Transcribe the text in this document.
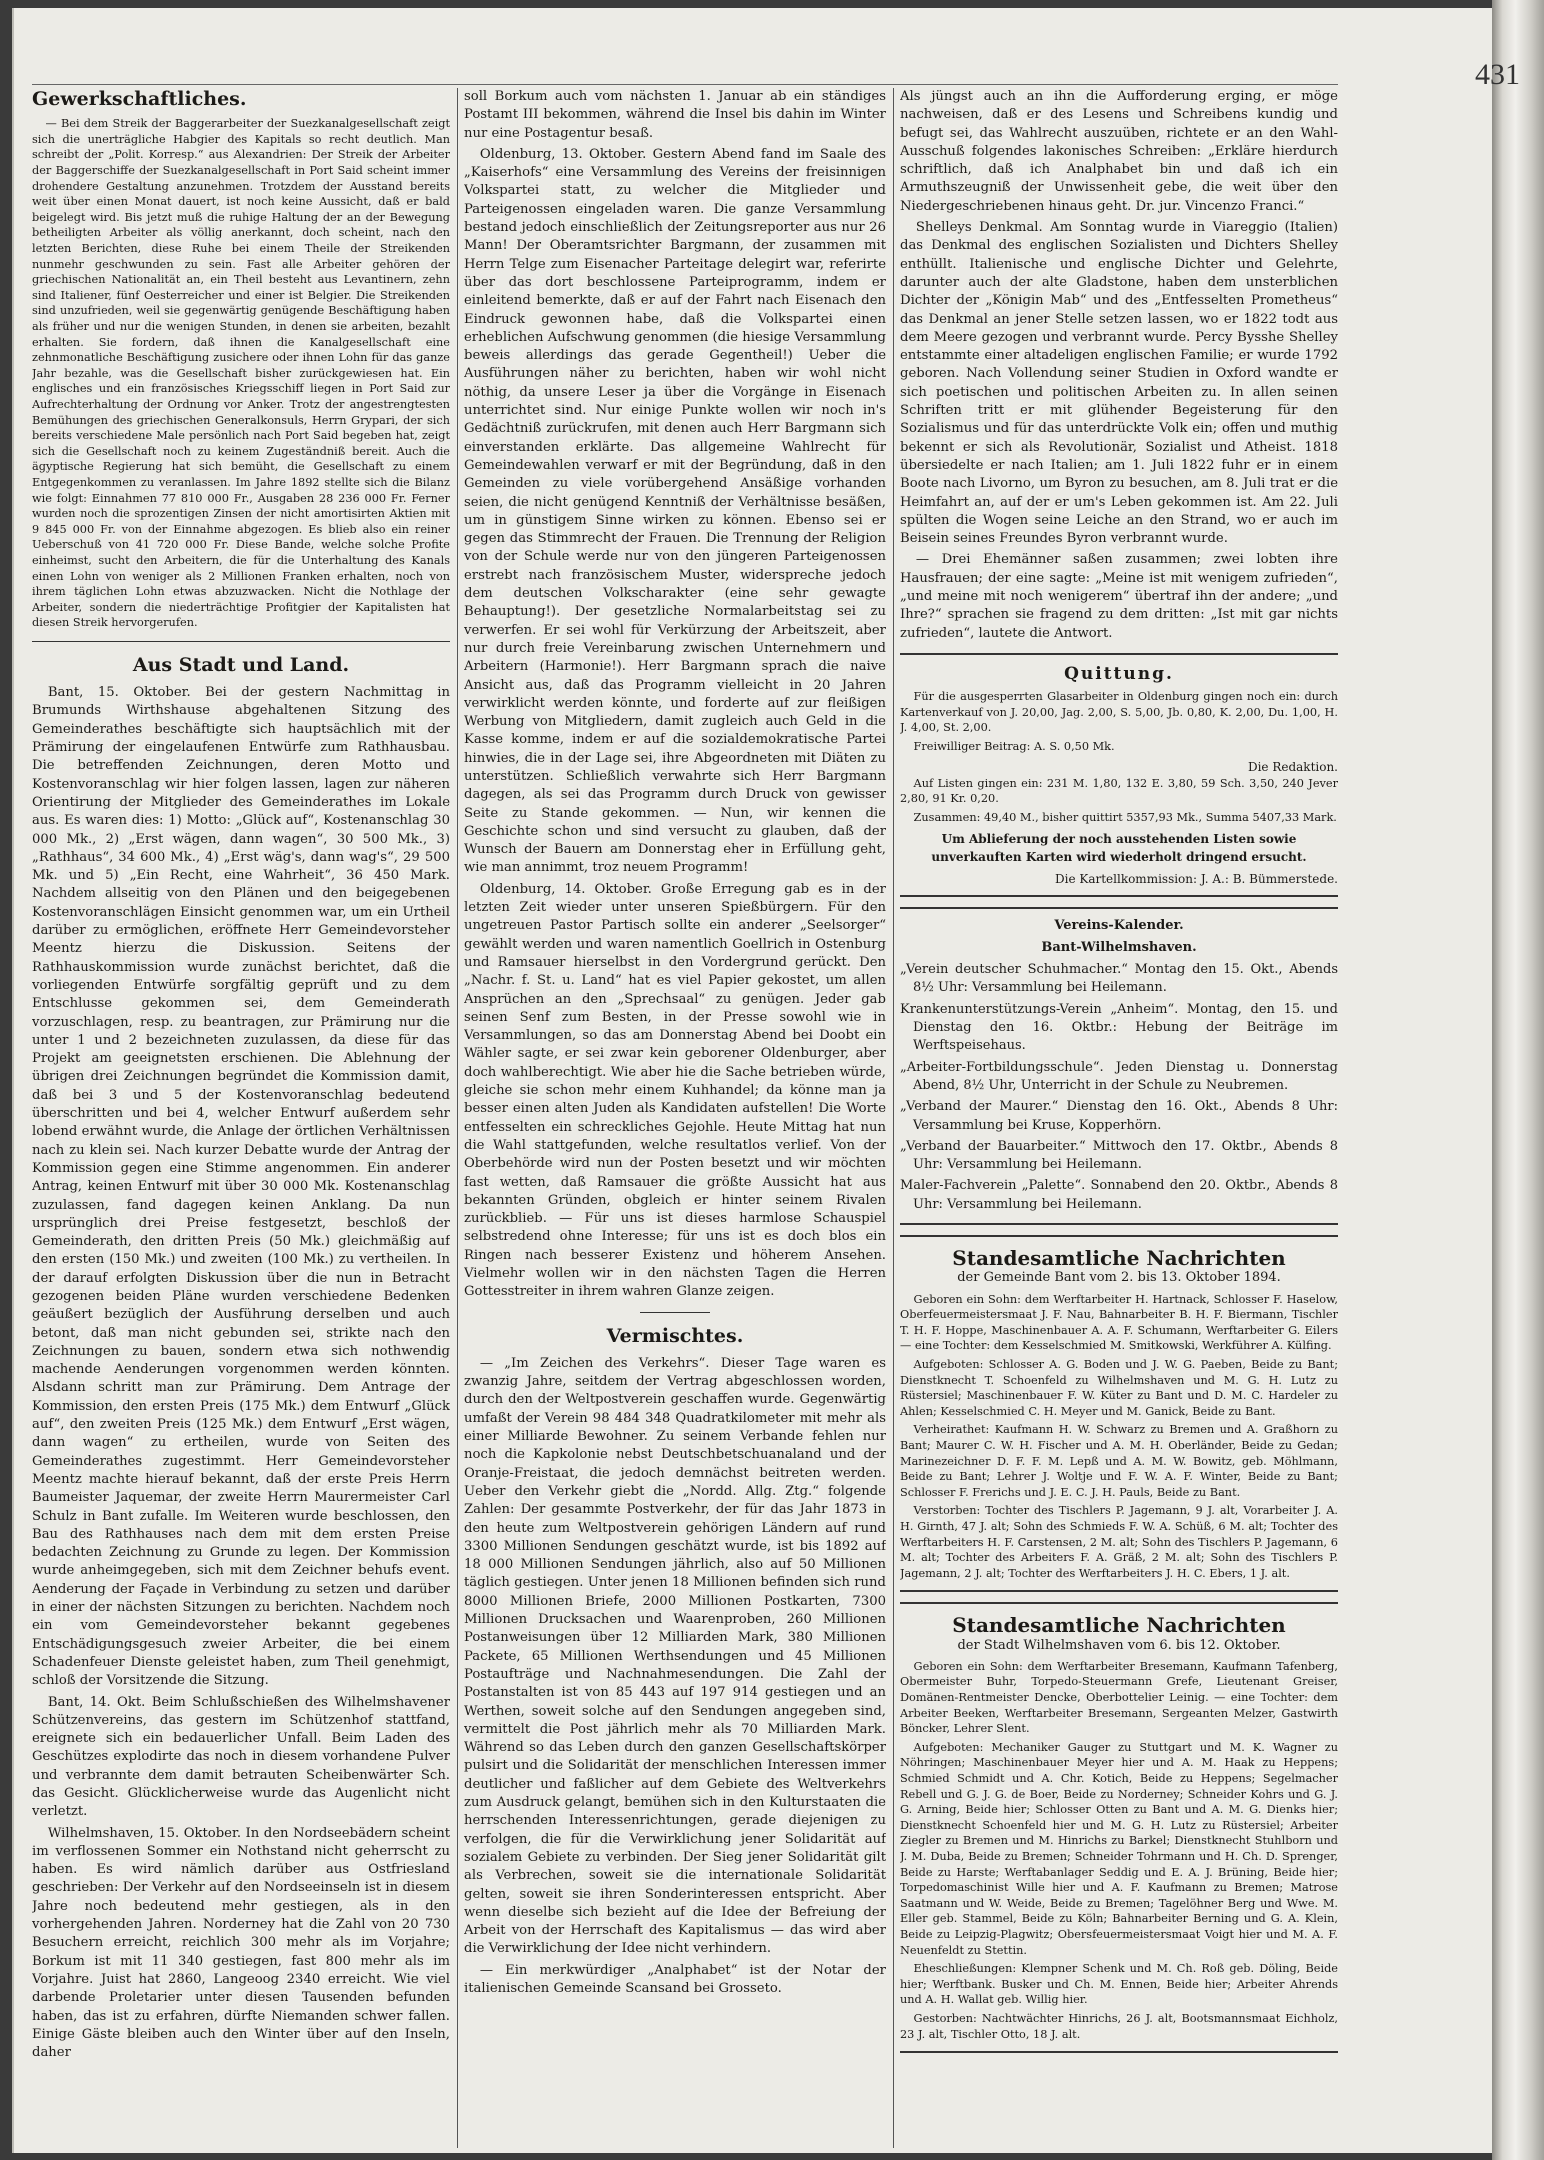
Gewerkschaftliches.

— Bei dem Streik der Baggerarbeiter der Suezkanalgesellschaft zeigt sich die unerträgliche Habgier des Kapitals so recht deutlich. Man schreibt der „Polit. Korresp.“ aus Alexandrien: Der Streik der Arbeiter der Baggerschiffe der Suezkanalgesellschaft in Port Said scheint immer drohendere Gestaltung anzunehmen. Trotzdem der Ausstand bereits weit über einen Monat dauert, ist noch keine Aussicht, daß er bald beigelegt wird. Bis jetzt muß die ruhige Haltung der an der Bewegung betheiligten Arbeiter als völlig anerkannt, doch scheint, nach den letzten Berichten, diese Ruhe bei einem Theile der Streikenden nunmehr geschwunden zu sein. Fast alle Arbeiter gehören der griechischen Nationalität an, ein Theil besteht aus Levantinern, zehn sind Italiener, fünf Oesterreicher und einer ist Belgier. Die Streikenden sind unzufrieden, weil sie gegenwärtig genügende Beschäftigung haben als früher und nur die wenigen Stunden, in denen sie arbeiten, bezahlt erhalten. Sie fordern, daß ihnen die Kanalgesellschaft eine zehnmonatliche Beschäftigung zusichere oder ihnen Lohn für das ganze Jahr bezahle, was die Gesellschaft bisher zurückgewiesen hat. Ein englisches und ein französisches Kriegsschiff liegen in Port Said zur Aufrechterhaltung der Ordnung vor Anker. Trotz der angestrengtesten Bemühungen des griechischen Generalkonsuls, Herrn Grypari, der sich bereits verschiedene Male persönlich nach Port Said begeben hat, zeigt sich die Gesellschaft noch zu keinem Zugeständniß bereit. Auch die ägyptische Regierung hat sich bemüht, die Gesellschaft zu einem Entgegenkommen zu veranlassen. Im Jahre 1892 stellte sich die Bilanz wie folgt: Einnahmen 77 810 000 Fr., Ausgaben 28 236 000 Fr. Ferner wurden noch die sprozentigen Zinsen der nicht amortisirten Aktien mit 9 845 000 Fr. von der Einnahme abgezogen. Es blieb also ein reiner Ueberschuß von 41 720 000 Fr. Diese Bande, welche solche Profite einheimst, sucht den Arbeitern, die für die Unterhaltung des Kanals einen Lohn von weniger als 2 Millionen Franken erhalten, noch von ihrem täglichen Lohn etwas abzuzwacken. Nicht die Nothlage der Arbeiter, sondern die niederträchtige Profitgier der Kapitalisten hat diesen Streik hervorgerufen.

Aus Stadt und Land.

Bant, 15. Oktober. Bei der gestern Nachmittag in Brumunds Wirthshause abgehaltenen Sitzung des Gemeinderathes beschäftigte sich hauptsächlich mit der Prämirung der eingelaufenen Entwürfe zum Rathhausbau. Die betreffenden Zeichnungen, deren Motto und Kostenvoranschlag wir hier folgen lassen, lagen zur näheren Orientirung der Mitglieder des Gemeinderathes im Lokale aus. Es waren dies: 1) Motto: „Glück auf“, Kostenanschlag 30 000 Mk., 2) „Erst wägen, dann wagen“, 30 500 Mk., 3) „Rathhaus“, 34 600 Mk., 4) „Erst wäg's, dann wag's“, 29 500 Mk. und 5) „Ein Recht, eine Wahrheit“, 36 450 Mark. Nachdem allseitig von den Plänen und den beigegebenen Kostenvoranschlägen Einsicht genommen war, um ein Urtheil darüber zu ermöglichen, eröffnete Herr Gemeindevorsteher Meentz hierzu die Diskussion. Seitens der Rathhauskommission wurde zunächst berichtet, daß die vorliegenden Entwürfe sorgfältig geprüft und zu dem Entschlusse gekommen sei, dem Gemeinderath vorzuschlagen, resp. zu beantragen, zur Prämirung nur die unter 1 und 2 bezeichneten zuzulassen, da diese für das Projekt am geeignetsten erschienen. Die Ablehnung der übrigen drei Zeichnungen begründet die Kommission damit, daß bei 3 und 5 der Kostenvoranschlag bedeutend überschritten und bei 4, welcher Entwurf außerdem sehr lobend erwähnt wurde, die Anlage der örtlichen Verhältnissen nach zu klein sei. Nach kurzer Debatte wurde der Antrag der Kommission gegen eine Stimme angenommen. Ein anderer Antrag, keinen Entwurf mit über 30 000 Mk. Kostenanschlag zuzulassen, fand dagegen keinen Anklang. Da nun ursprünglich drei Preise festgesetzt, beschloß der Gemeinderath, den dritten Preis (50 Mk.) gleichmäßig auf den ersten (150 Mk.) und zweiten (100 Mk.) zu vertheilen. In der darauf erfolgten Diskussion über die nun in Betracht gezogenen beiden Pläne wurden verschiedene Bedenken geäußert bezüglich der Ausführung derselben und auch betont, daß man nicht gebunden sei, strikte nach den Zeichnungen zu bauen, sondern etwa sich nothwendig machende Aenderungen vorgenommen werden könnten. Alsdann schritt man zur Prämirung. Dem Antrage der Kommission, den ersten Preis (175 Mk.) dem Entwurf „Glück auf“, den zweiten Preis (125 Mk.) dem Entwurf „Erst wägen, dann wagen“ zu ertheilen, wurde von Seiten des Gemeinderathes zugestimmt. Herr Gemeindevorsteher Meentz machte hierauf bekannt, daß der erste Preis Herrn Baumeister Jaquemar, der zweite Herrn Maurermeister Carl Schulz in Bant zufalle. Im Weiteren wurde beschlossen, den Bau des Rathhauses nach dem mit dem ersten Preise bedachten Zeichnung zu Grunde zu legen. Der Kommission wurde anheimgegeben, sich mit dem Zeichner behufs event. Aenderung der Façade in Verbindung zu setzen und darüber in einer der nächsten Sitzungen zu berichten. Nachdem noch ein vom Gemeindevorsteher bekannt gegebenes Entschädigungsgesuch zweier Arbeiter, die bei einem Schadenfeuer Dienste geleistet haben, zum Theil genehmigt, schloß der Vorsitzende die Sitzung.

Bant, 14. Okt. Beim Schlußschießen des Wilhelmshavener Schützenvereins, das gestern im Schützenhof stattfand, ereignete sich ein bedauerlicher Unfall. Beim Laden des Geschützes explodirte das noch in diesem vorhandene Pulver und verbrannte dem damit betrauten Scheibenwärter Sch. das Gesicht. Glücklicherweise wurde das Augenlicht nicht verletzt.

Wilhelmshaven, 15. Oktober. In den Nordseebädern scheint im verflossenen Sommer ein Nothstand nicht geherrscht zu haben. Es wird nämlich darüber aus Ostfriesland geschrieben: Der Verkehr auf den Nordseeinseln ist in diesem Jahre noch bedeutend mehr gestiegen, als in den vorhergehenden Jahren. Norderney hat die Zahl von 20 730 Besuchern erreicht, reichlich 300 mehr als im Vorjahre; Borkum ist mit 11 340 gestiegen, fast 800 mehr als im Vorjahre. Juist hat 2860, Langeoog 2340 erreicht. Wie viel darbende Proletarier unter diesen Tausenden befunden haben, das ist zu erfahren, dürfte Niemanden schwer fallen. Einige Gäste bleiben auch den Winter über auf den Inseln, daher

soll Borkum auch vom nächsten 1. Januar ab ein ständiges Postamt III bekommen, während die Insel bis dahin im Winter nur eine Postagentur besaß.

Oldenburg, 13. Oktober. Gestern Abend fand im Saale des „Kaiserhofs“ eine Versammlung des Vereins der freisinnigen Volkspartei statt, zu welcher die Mitglieder und Parteigenossen eingeladen waren. Die ganze Versammlung bestand jedoch einschließlich der Zeitungsreporter aus nur 26 Mann! Der Oberamtsrichter Bargmann, der zusammen mit Herrn Telge zum Eisenacher Parteitage delegirt war, referirte über das dort beschlossene Parteiprogramm, indem er einleitend bemerkte, daß er auf der Fahrt nach Eisenach den Eindruck gewonnen habe, daß die Volkspartei einen erheblichen Aufschwung genommen (die hiesige Versammlung beweis allerdings das gerade Gegentheil!) Ueber die Ausführungen näher zu berichten, haben wir wohl nicht nöthig, da unsere Leser ja über die Vorgänge in Eisenach unterrichtet sind. Nur einige Punkte wollen wir noch in's Gedächtniß zurückrufen, mit denen auch Herr Bargmann sich einverstanden erklärte. Das allgemeine Wahlrecht für Gemeindewahlen verwarf er mit der Begründung, daß in den Gemeinden zu viele vorübergehend Ansäßige vorhanden seien, die nicht genügend Kenntniß der Verhältnisse besäßen, um in günstigem Sinne wirken zu können. Ebenso sei er gegen das Stimmrecht der Frauen. Die Trennung der Religion von der Schule werde nur von den jüngeren Parteigenossen erstrebt nach französischem Muster, widerspreche jedoch dem deutschen Volkscharakter (eine sehr gewagte Behauptung!). Der gesetzliche Normalarbeitstag sei zu verwerfen. Er sei wohl für Verkürzung der Arbeitszeit, aber nur durch freie Vereinbarung zwischen Unternehmern und Arbeitern (Harmonie!). Herr Bargmann sprach die naive Ansicht aus, daß das Programm vielleicht in 20 Jahren verwirklicht werden könnte, und forderte auf zur fleißigen Werbung von Mitgliedern, damit zugleich auch Geld in die Kasse komme, indem er auf die sozialdemokratische Partei hinwies, die in der Lage sei, ihre Abgeordneten mit Diäten zu unterstützen. Schließlich verwahrte sich Herr Bargmann dagegen, als sei das Programm durch Druck von gewisser Seite zu Stande gekommen. — Nun, wir kennen die Geschichte schon und sind versucht zu glauben, daß der Wunsch der Bauern am Donnerstag eher in Erfüllung geht, wie man annimmt, troz neuem Programm!

Oldenburg, 14. Oktober. Große Erregung gab es in der letzten Zeit wieder unter unseren Spießbürgern. Für den ungetreuen Pastor Partisch sollte ein anderer „Seelsorger“ gewählt werden und waren namentlich Goellrich in Ostenburg und Ramsauer hierselbst in den Vordergrund gerückt. Den „Nachr. f. St. u. Land“ hat es viel Papier gekostet, um allen Ansprüchen an den „Sprechsaal“ zu genügen. Jeder gab seinen Senf zum Besten, in der Presse sowohl wie in Versammlungen, so das am Donnerstag Abend bei Doobt ein Wähler sagte, er sei zwar kein geborener Oldenburger, aber doch wahlberechtigt. Wie aber hie die Sache betrieben würde, gleiche sie schon mehr einem Kuhhandel; da könne man ja besser einen alten Juden als Kandidaten aufstellen! Die Worte entfesselten ein schreckliches Gejohle. Heute Mittag hat nun die Wahl stattgefunden, welche resultatlos verlief. Von der Oberbehörde wird nun der Posten besetzt und wir möchten fast wetten, daß Ramsauer die größte Aussicht hat aus bekannten Gründen, obgleich er hinter seinem Rivalen zurückblieb. — Für uns ist dieses harmlose Schauspiel selbstredend ohne Interesse; für uns ist es doch blos ein Ringen nach besserer Existenz und höherem Ansehen. Vielmehr wollen wir in den nächsten Tagen die Herren Gottesstreiter in ihrem wahren Glanze zeigen.

Vermischtes.

— „Im Zeichen des Verkehrs“. Dieser Tage waren es zwanzig Jahre, seitdem der Vertrag abgeschlossen worden, durch den der Weltpostverein geschaffen wurde. Gegenwärtig umfaßt der Verein 98 484 348 Quadratkilometer mit mehr als einer Milliarde Bewohner. Zu seinem Verbande fehlen nur noch die Kapkolonie nebst Deutschbetschuanaland und der Oranje-Freistaat, die jedoch demnächst beitreten werden. Ueber den Verkehr giebt die „Nordd. Allg. Ztg.“ folgende Zahlen: Der gesammte Postverkehr, der für das Jahr 1873 in den heute zum Weltpostverein gehörigen Ländern auf rund 3300 Millionen Sendungen geschätzt wurde, ist bis 1892 auf 18 000 Millionen Sendungen jährlich, also auf 50 Millionen täglich gestiegen. Unter jenen 18 Millionen befinden sich rund 8000 Millionen Briefe, 2000 Millionen Postkarten, 7300 Millionen Drucksachen und Waarenproben, 260 Millionen Postanweisungen über 12 Milliarden Mark, 380 Millionen Packete, 65 Millionen Werthsendungen und 45 Millionen Postaufträge und Nachnahmesendungen. Die Zahl der Postanstalten ist von 85 443 auf 197 914 gestiegen und an Werthen, soweit solche auf den Sendungen angegeben sind, vermittelt die Post jährlich mehr als 70 Milliarden Mark. Während so das Leben durch den ganzen Gesellschaftskörper pulsirt und die Solidarität der menschlichen Interessen immer deutlicher und faßlicher auf dem Gebiete des Weltverkehrs zum Ausdruck gelangt, bemühen sich in den Kulturstaaten die herrschenden Interessenrichtungen, gerade diejenigen zu verfolgen, die für die Verwirklichung jener Solidarität auf sozialem Gebiete zu verbinden. Der Sieg jener Solidarität gilt als Verbrechen, soweit sie die internationale Solidarität gelten, soweit sie ihren Sonderinteressen entspricht. Aber wenn dieselbe sich bezieht auf die Idee der Befreiung der Arbeit von der Herrschaft des Kapitalismus — das wird aber die Verwirklichung der Idee nicht verhindern.

— Ein merkwürdiger „Analphabet“ ist der Notar der italienischen Gemeinde Scansand bei Grosseto.

Als jüngst auch an ihn die Aufforderung erging, er möge nachweisen, daß er des Lesens und Schreibens kundig und befugt sei, das Wahlrecht auszuüben, richtete er an den Wahl-Ausschuß folgendes lakonisches Schreiben: „Erkläre hierdurch schriftlich, daß ich Analphabet bin und daß ich ein Armuthszeugniß der Unwissenheit gebe, die weit über den Niedergeschriebenen hinaus geht. Dr. jur. Vincenzo Franci.“

Shelleys Denkmal. Am Sonntag wurde in Viareggio (Italien) das Denkmal des englischen Sozialisten und Dichters Shelley enthüllt. Italienische und englische Dichter und Gelehrte, darunter auch der alte Gladstone, haben dem unsterblichen Dichter der „Königin Mab“ und des „Entfesselten Prometheus“ das Denkmal an jener Stelle setzen lassen, wo er 1822 todt aus dem Meere gezogen und verbrannt wurde. Percy Bysshe Shelley entstammte einer altadeligen englischen Familie; er wurde 1792 geboren. Nach Vollendung seiner Studien in Oxford wandte er sich poetischen und politischen Arbeiten zu. In allen seinen Schriften tritt er mit glühender Begeisterung für den Sozialismus und für das unterdrückte Volk ein; offen und muthig bekennt er sich als Revolutionär, Sozialist und Atheist. 1818 übersiedelte er nach Italien; am 1. Juli 1822 fuhr er in einem Boote nach Livorno, um Byron zu besuchen, am 8. Juli trat er die Heimfahrt an, auf der er um's Leben gekommen ist. Am 22. Juli spülten die Wogen seine Leiche an den Strand, wo er auch im Beisein seines Freundes Byron verbrannt wurde.

— Drei Ehemänner saßen zusammen; zwei lobten ihre Hausfrauen; der eine sagte: „Meine ist mit wenigem zufrieden“, „und meine mit noch wenigerem“ übertraf ihn der andere; „und Ihre?“ sprachen sie fragend zu dem dritten: „Ist mit gar nichts zufrieden“, lautete die Antwort.

Quittung.

Für die ausgesperrten Glasarbeiter in Oldenburg gingen noch ein: durch Kartenverkauf von J. 20,00, Jag. 2,00, S. 5,00, Jb. 0,80, K. 2,00, Du. 1,00, H. J. 4,00, St. 2,00.

Freiwilliger Beitrag: A. S. 0,50 Mk.

Die Redaktion.

Auf Listen gingen ein: 231 M. 1,80, 132 E. 3,80, 59 Sch. 3,50, 240 Jever 2,80, 91 Kr. 0,20.

Zusammen: 49,40 M., bisher quittirt 5357,93 Mk., Summa 5407,33 Mark.

Um Ablieferung der noch ausstehenden Listen sowie unverkauften Karten wird wiederholt dringend ersucht.
Die Kartellkommission: J. A.: B. Bümmerstede.
Vereins-Kalender.
Bant-Wilhelmshaven.
„Verein deutscher Schuhmacher.“ Montag den 15. Okt., Abends 8½ Uhr: Versammlung bei Heilemann.
Krankenunterstützungs-Verein „Anheim“. Montag, den 15. und Dienstag den 16. Oktbr.: Hebung der Beiträge im Werftspeisehaus.
„Arbeiter-Fortbildungsschule“. Jeden Dienstag u. Donnerstag Abend, 8½ Uhr, Unterricht in der Schule zu Neubremen.
„Verband der Maurer.“ Dienstag den 16. Okt., Abends 8 Uhr: Versammlung bei Kruse, Kopperhörn.
„Verband der Bauarbeiter.“ Mittwoch den 17. Oktbr., Abends 8 Uhr: Versammlung bei Heilemann.
Maler-Fachverein „Palette“. Sonnabend den 20. Oktbr., Abends 8 Uhr: Versammlung bei Heilemann.
Standesamtliche Nachrichten
der Gemeinde Bant vom 2. bis 13. Oktober 1894.

Geboren ein Sohn: dem Werftarbeiter H. Hartnack, Schlosser F. Haselow, Oberfeuermeistersmaat J. F. Nau, Bahnarbeiter B. H. F. Biermann, Tischler T. H. F. Hoppe, Maschinenbauer A. A. F. Schumann, Werftarbeiter G. Eilers — eine Tochter: dem Kesselschmied M. Smitkowski, Werkführer A. Külfing.

Aufgeboten: Schlosser A. G. Boden und J. W. G. Paeben, Beide zu Bant; Dienstknecht T. Schoenfeld zu Wilhelmshaven und M. G. H. Lutz zu Rüstersiel; Maschinenbauer F. W. Küter zu Bant und D. M. C. Hardeler zu Ahlen; Kesselschmied C. H. Meyer und M. Ganick, Beide zu Bant.

Verheirathet: Kaufmann H. W. Schwarz zu Bremen und A. Graßhorn zu Bant; Maurer C. W. H. Fischer und A. M. H. Oberländer, Beide zu Gedan; Marinezeichner D. F. F. M. Lepß und A. M. W. Bowitz, geb. Möhlmann, Beide zu Bant; Lehrer J. Woltje und F. W. A. F. Winter, Beide zu Bant; Schlosser F. Frerichs und J. E. C. J. H. Pauls, Beide zu Bant.

Verstorben: Tochter des Tischlers P. Jagemann, 9 J. alt, Vorarbeiter J. A. H. Girnth, 47 J. alt; Sohn des Schmieds F. W. A. Schüß, 6 M. alt; Tochter des Werftarbeiters H. F. Carstensen, 2 M. alt; Sohn des Tischlers P. Jagemann, 6 M. alt; Tochter des Arbeiters F. A. Gräß, 2 M. alt; Sohn des Tischlers P. Jagemann, 2 J. alt; Tochter des Werftarbeiters J. H. C. Ebers, 1 J. alt.

Standesamtliche Nachrichten
der Stadt Wilhelmshaven vom 6. bis 12. Oktober.

Geboren ein Sohn: dem Werftarbeiter Bresemann, Kaufmann Tafenberg, Obermeister Buhr, Torpedo-Steuermann Grefe, Lieutenant Greiser, Domänen-Rentmeister Dencke, Oberbottelier Leinig. — eine Tochter: dem Arbeiter Beeken, Werftarbeiter Bresemann, Sergeanten Melzer, Gastwirth Böncker, Lehrer Slent.

Aufgeboten: Mechaniker Gauger zu Stuttgart und M. K. Wagner zu Nöhringen; Maschinenbauer Meyer hier und A. M. Haak zu Heppens; Schmied Schmidt und A. Chr. Kotich, Beide zu Heppens; Segelmacher Rebell und G. J. G. de Boer, Beide zu Norderney; Schneider Kohrs und G. J. G. Arning, Beide hier; Schlosser Otten zu Bant und A. M. G. Dienks hier; Dienstknecht Schoenfeld hier und M. G. H. Lutz zu Rüstersiel; Arbeiter Ziegler zu Bremen und M. Hinrichs zu Barkel; Dienstknecht Stuhlborn und J. M. Duba, Beide zu Bremen; Schneider Tohrmann und H. Ch. D. Sprenger, Beide zu Harste; Werftabanlager Seddig und E. A. J. Brüning, Beide hier; Torpedomaschinist Wille hier und A. F. Kaufmann zu Bremen; Matrose Saatmann und W. Weide, Beide zu Bremen; Tagelöhner Berg und Wwe. M. Eller geb. Stammel, Beide zu Köln; Bahnarbeiter Berning und G. A. Klein, Beide zu Leipzig-Plagwitz; Obersfeuermeistersmaat Voigt hier und M. A. F. Neuenfeldt zu Stettin.

Eheschließungen: Klempner Schenk und M. Ch. Roß geb. Döling, Beide hier; Werftbank. Busker und Ch. M. Ennen, Beide hier; Arbeiter Ahrends und A. H. Wallat geb. Willig hier.

Gestorben: Nachtwächter Hinrichs, 26 J. alt, Bootsmannsmaat Eichholz, 23 J. alt, Tischler Otto, 18 J. alt.

431
